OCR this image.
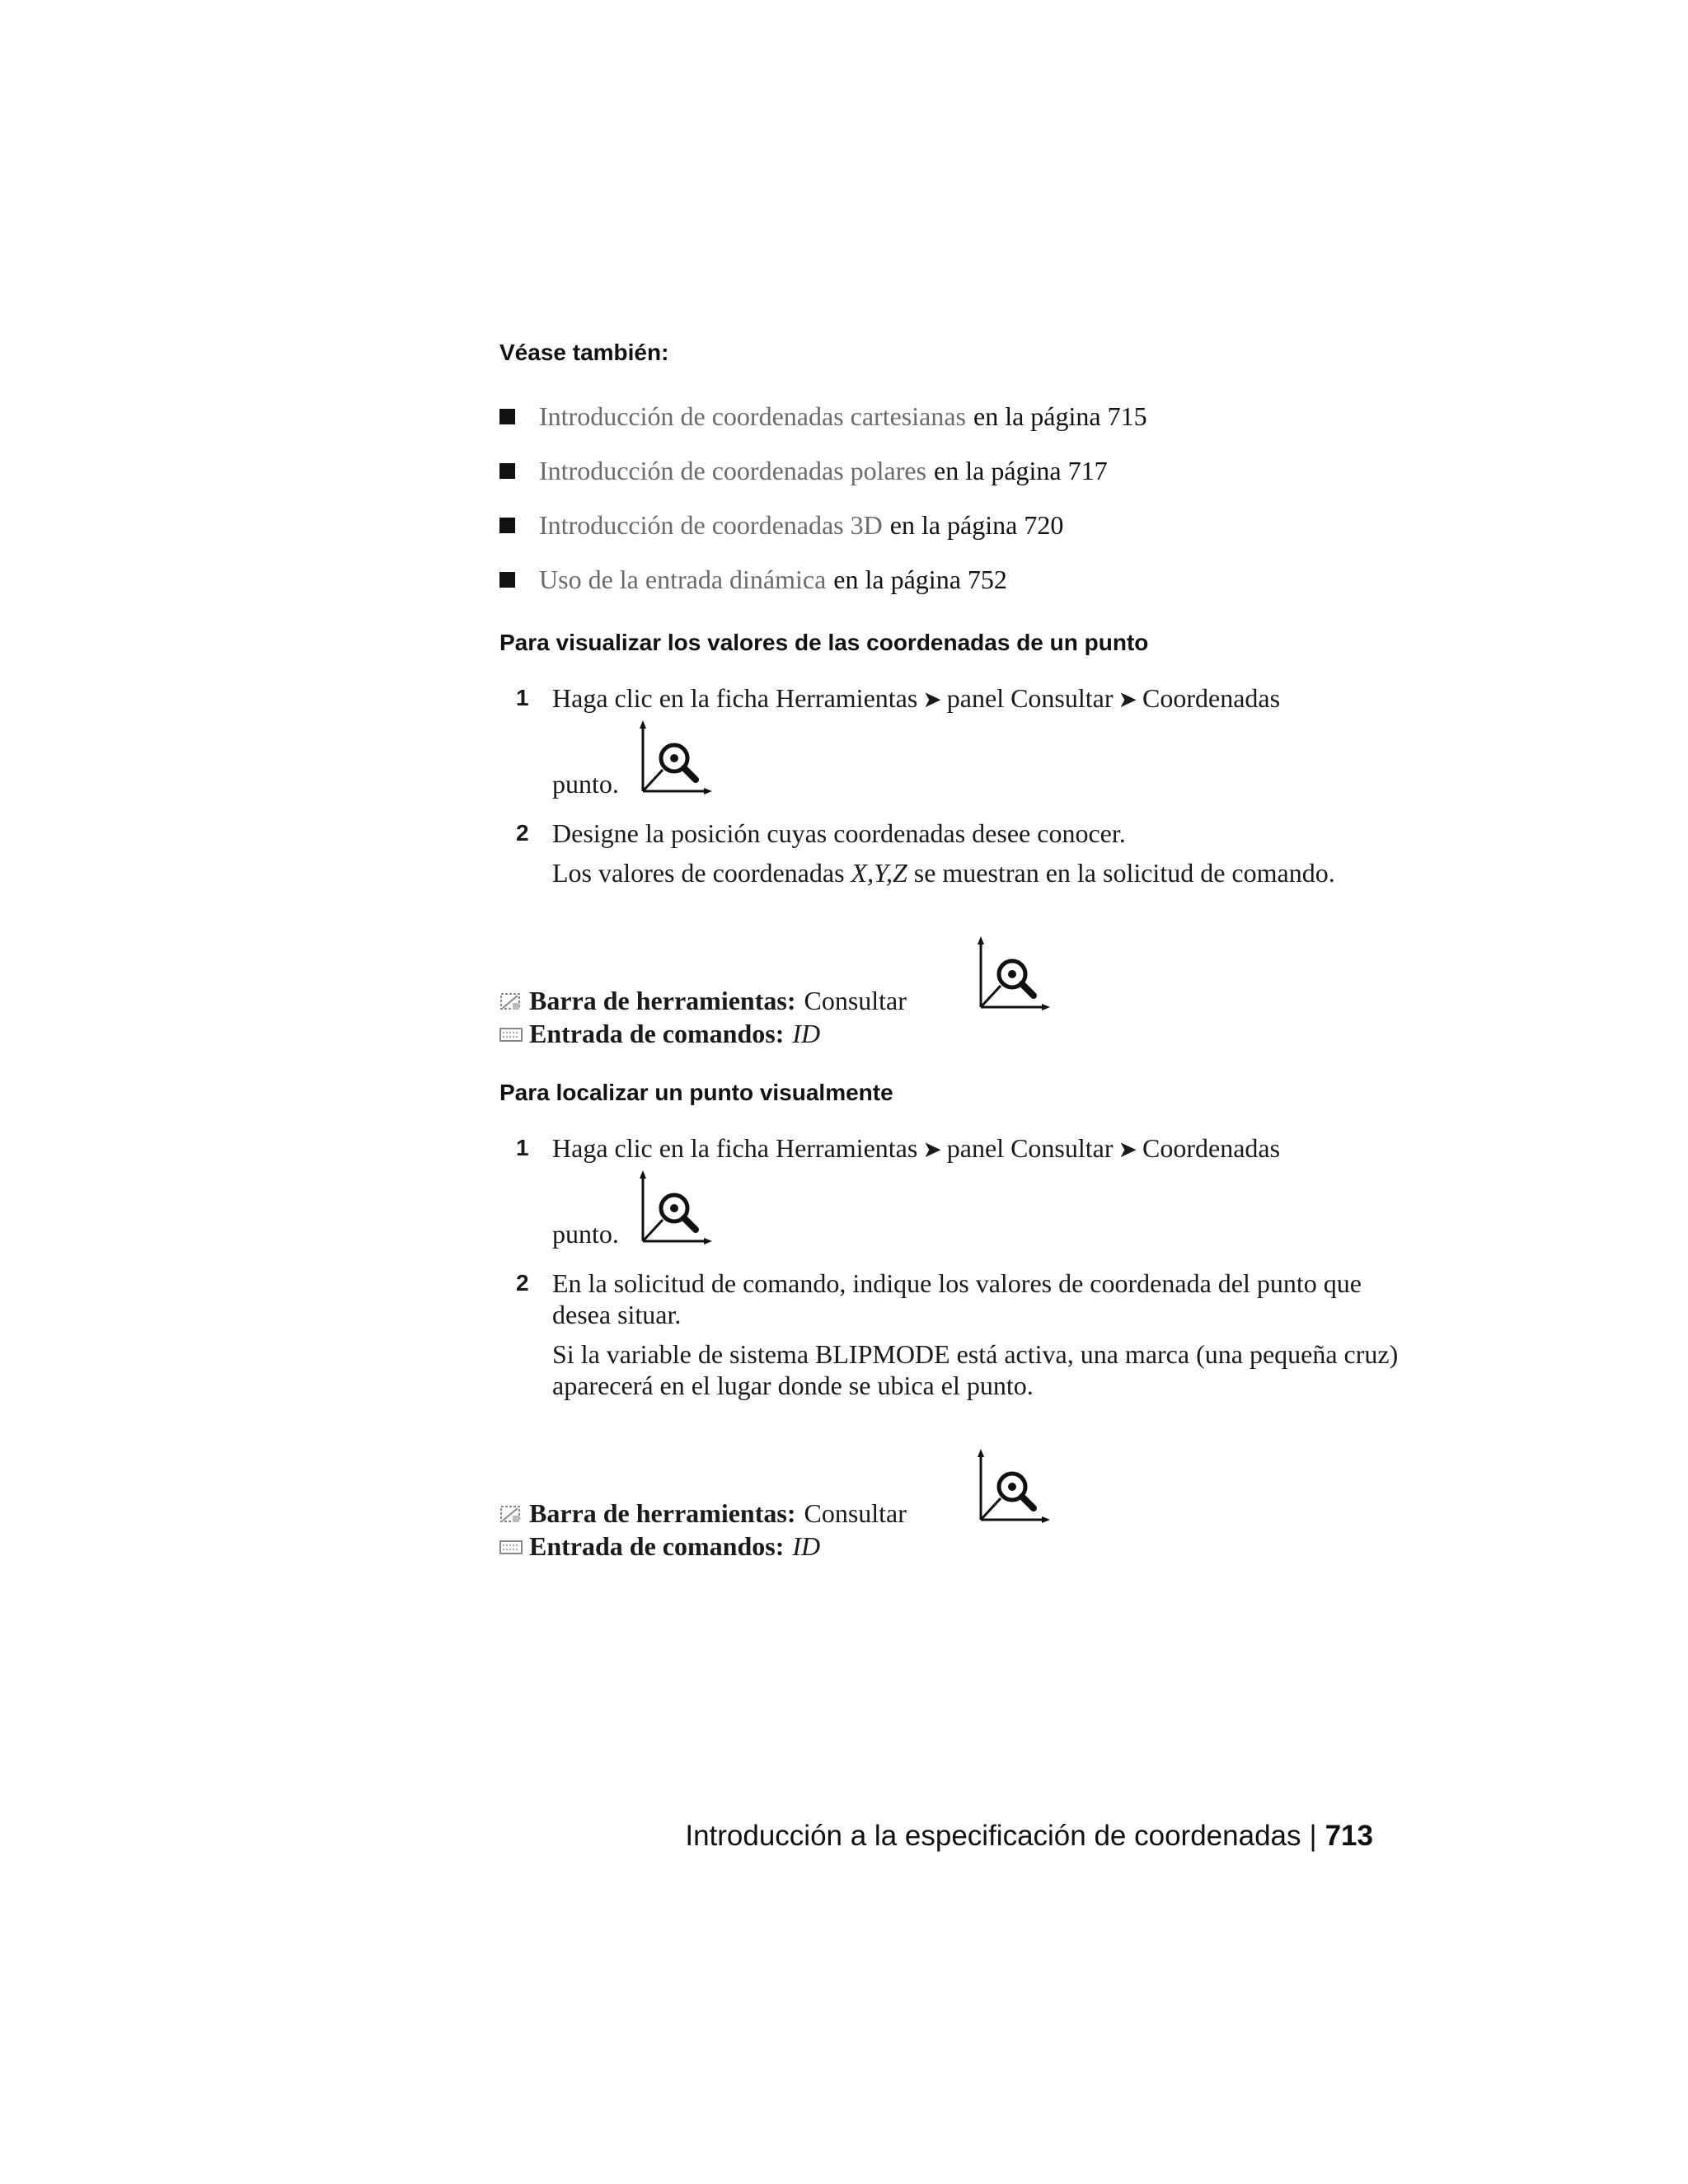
Véase también:
Introducción de coordenadas cartesianas en la página 715
Introducción de coordenadas polares en la página 717
Introducción de coordenadas 3D en la página 720
Uso de la entrada dinámica en la página 752
Para visualizar los valores de las coordenadas de un punto
1 Haga clic en la ficha Herramientas ➤ panel Consultar ➤ Coordenadas
punto.
2 Designe la posición cuyas coordenadas desee conocer.
Los valores de coordenadas X,Y,Z se muestran en la solicitud de comando.
Barra de herramientas: Consultar
Entrada de comandos: ID
Para localizar un punto visualmente
1 Haga clic en la ficha Herramientas ➤ panel Consultar ➤ Coordenadas
punto.
2 En la solicitud de comando, indique los valores de coordenada del punto que desea situar.
Si la variable de sistema BLIPMODE está activa, una marca (una pequeña cruz) aparecerá en el lugar donde se ubica el punto.
Barra de herramientas: Consultar
Entrada de comandos: ID
Introducción a la especificación de coordenadas | 713
